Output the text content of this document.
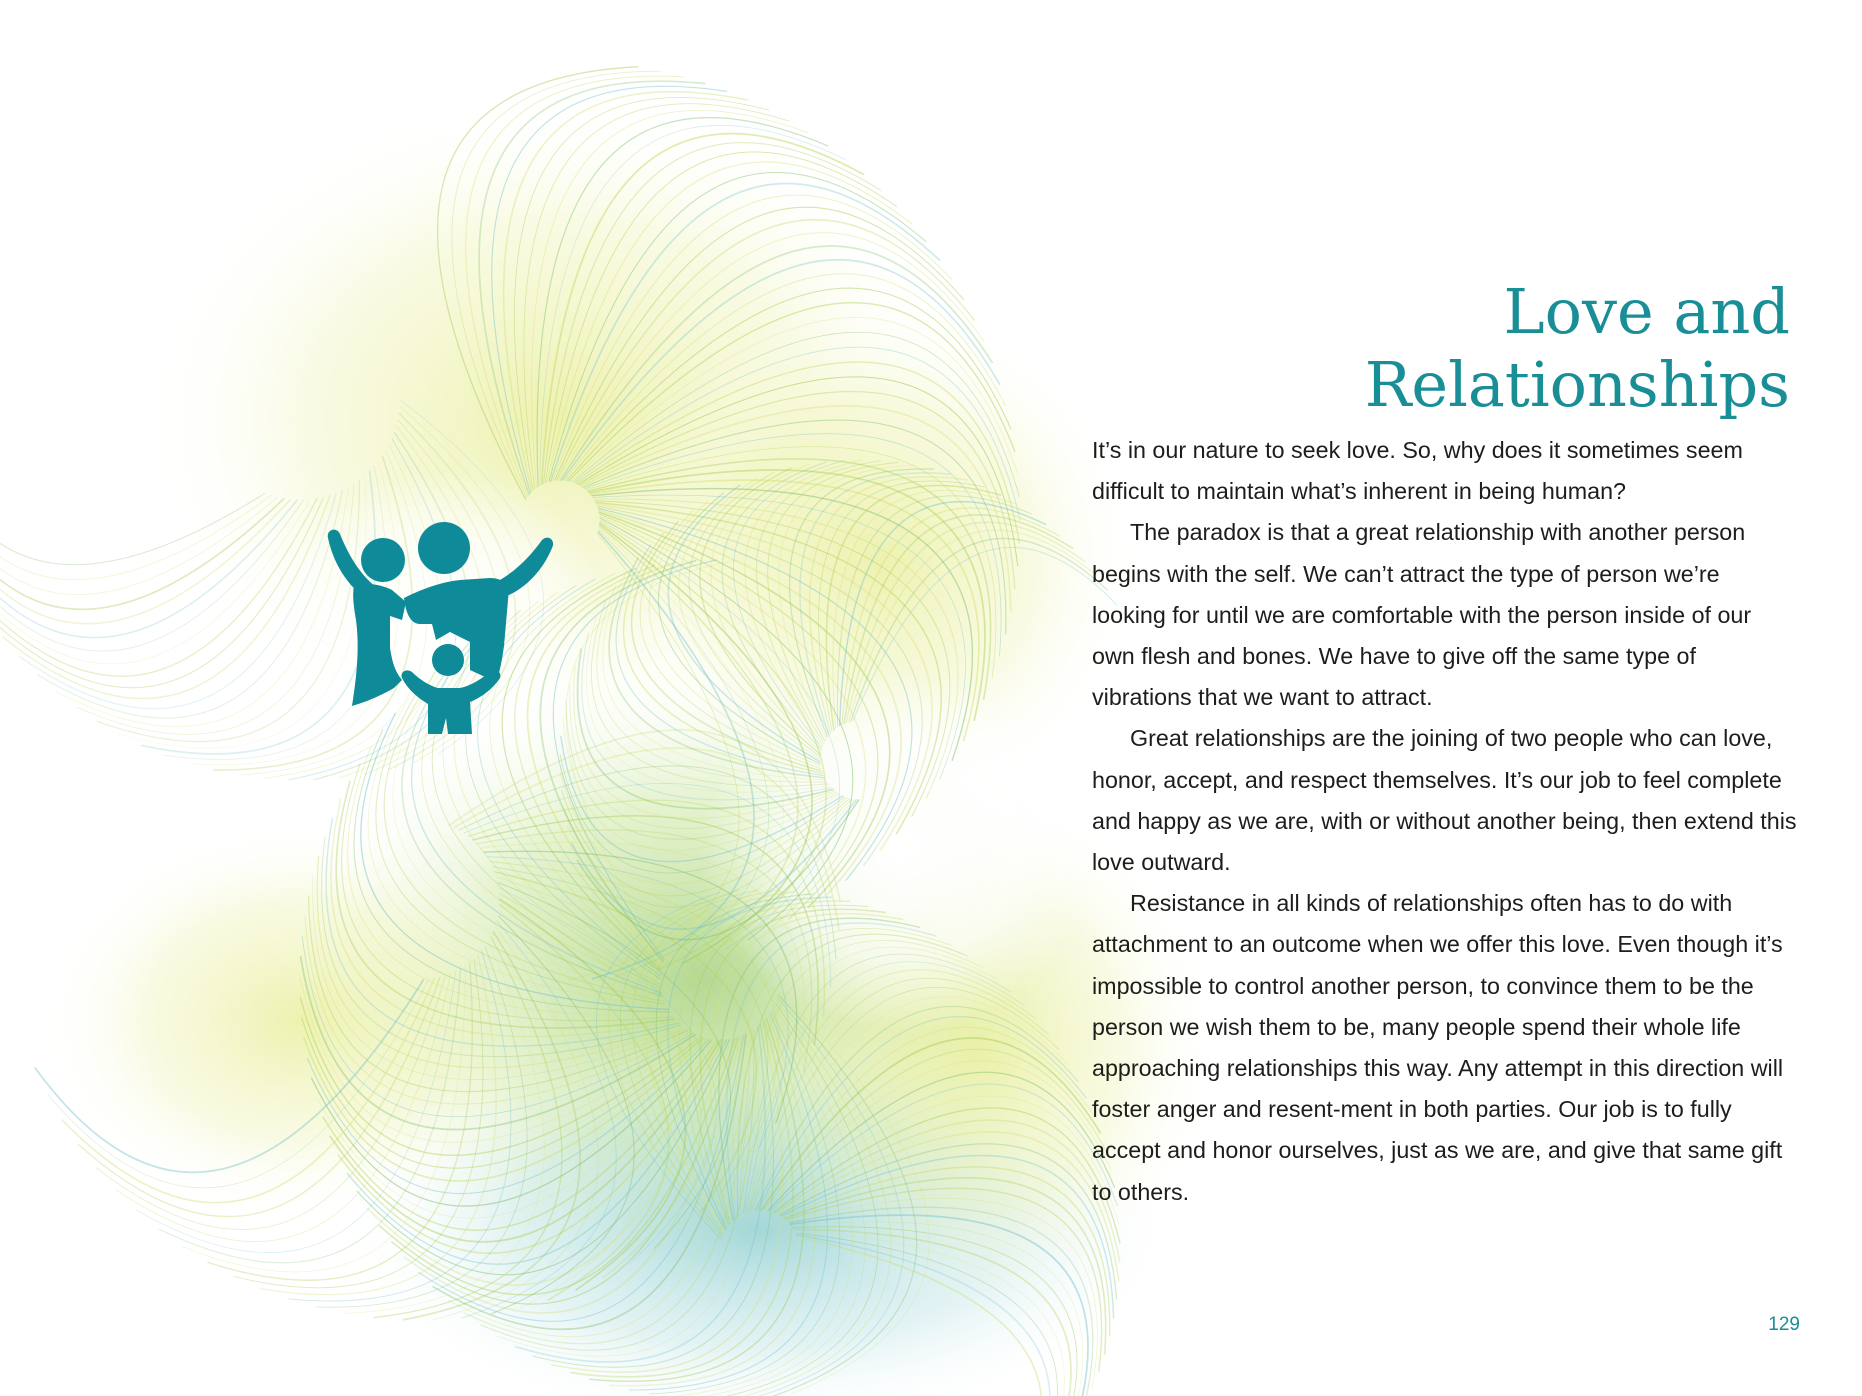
Love and Relationships

It’s in our nature to seek love. So, why does it sometimes seem difficult to maintain what’s inherent in being human?

The paradox is that a great relationship with another person begins with the self. We can’t attract the type of person we’re looking for until we are comfortable with the person inside of our own flesh and bones. We have to give off the same type of vibrations that we want to attract.

Great relationships are the joining of two people who can love, honor, accept, and respect themselves. It’s our job to feel complete and happy as we are, with or without another being, then extend this love outward.

Resistance in all kinds of relationships often has to do with attachment to an outcome when we offer this love. Even though it’s impossible to control another person, to convince them to be the person we wish them to be, many people spend their whole life approaching relationships this way. Any attempt in this direction will foster anger and resent-ment in both parties. Our job is to fully accept and honor ourselves, just as we are, and give that same gift to others.

129
